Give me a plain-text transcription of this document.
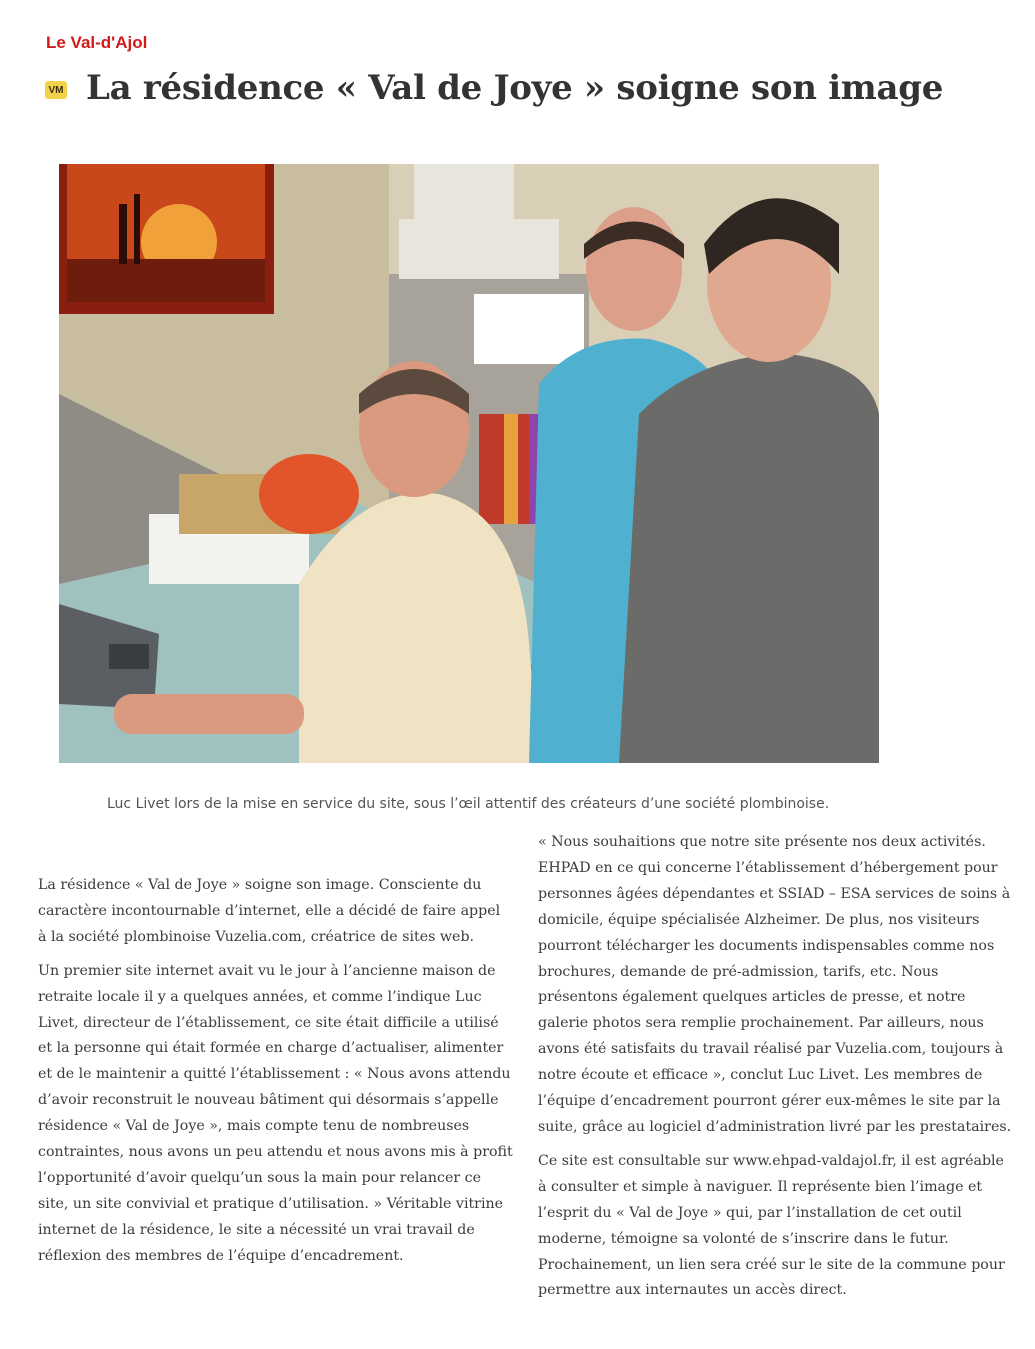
Le Val-d'Ajol
VM La résidence « Val de Joye » soigne son image
Luc Livet lors de la mise en service du site, sous l’œil attentif des créateurs d’une société plombinoise.

La résidence « Val de Joye » soigne son image. Consciente du caractère incontournable d’internet, elle a décidé de faire appel à la société plombinoise Vuzelia.com, créatrice de sites web.

Un premier site internet avait vu le jour à l’ancienne maison de retraite locale il y a quelques années, et comme l’indique Luc Livet, directeur de l’établissement, ce site était difficile a utilisé et la personne qui était formée en charge d’actualiser, alimenter et de le maintenir a quitté l’établissement : « Nous avons attendu d’avoir reconstruit le nouveau bâtiment qui désormais s’appelle résidence « Val de Joye », mais compte tenu de nombreuses contraintes, nous avons un peu attendu et nous avons mis à profit l’opportunité d’avoir quelqu’un sous la main pour relancer ce site, un site convivial et pratique d’utilisation. » Véritable vitrine internet de la résidence, le site a nécessité un vrai travail de réflexion des membres de l’équipe d’encadrement.

« Nous souhaitions que notre site présente nos deux activités. EHPAD en ce qui concerne l’établissement d’hébergement pour personnes âgées dépendantes et SSIAD – ESA services de soins à domicile, équipe spécialisée Alzheimer. De plus, nos visiteurs pourront télécharger les documents indispensables comme nos brochures, demande de pré-admission, tarifs, etc. Nous présentons également quelques articles de presse, et notre galerie photos sera remplie prochainement. Par ailleurs, nous avons été satisfaits du travail réalisé par Vuzelia.com, toujours à notre écoute et efficace », conclut Luc Livet. Les membres de l’équipe d’encadrement pourront gérer eux-mêmes le site par la suite, grâce au logiciel d’administration livré par les prestataires.

Ce site est consultable sur www.ehpad-valdajol.fr, il est agréable à consulter et simple à naviguer. Il représente bien l’image et l’esprit du « Val de Joye » qui, par l’installation de cet outil moderne, témoigne sa volonté de s’inscrire dans le futur. Prochainement, un lien sera créé sur le site de la commune pour permettre aux internautes un accès direct.
